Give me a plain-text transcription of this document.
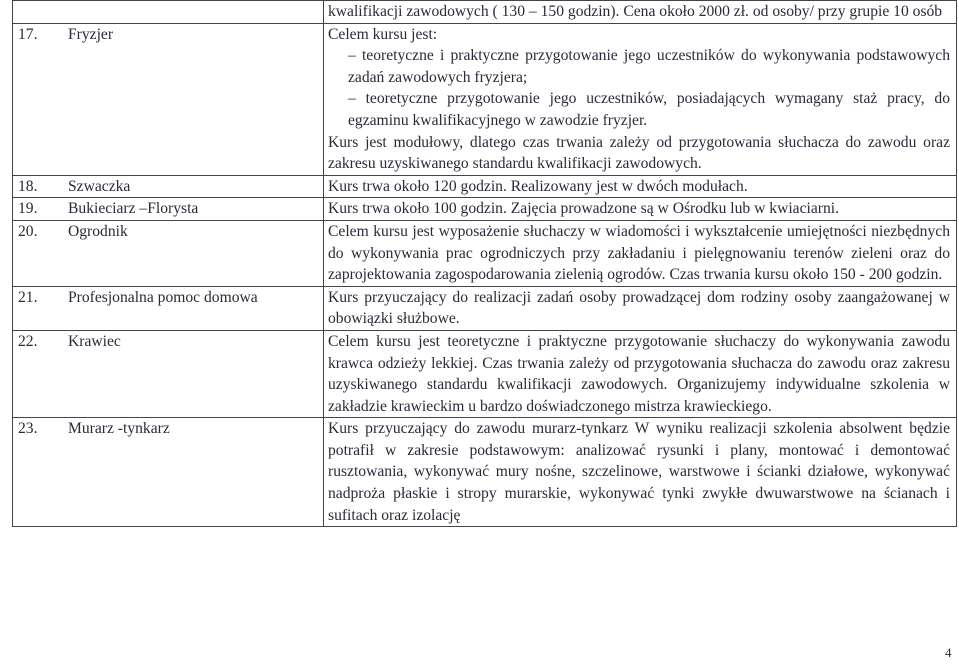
		kwalifikacji zawodowych ( 130 – 150 godzin). Cena około 2000 zł. od osoby/ przy grupie 10 osób
17.	Fryzjer	Celem kursu jest:
– teoretyczne i praktyczne przygotowanie jego uczestników do wykonywania podstawowych zadań zawodowych fryzjera;
– teoretyczne przygotowanie jego uczestników, posiadających wymagany staż pracy, do egzaminu kwalifikacyjnego w zawodzie fryzjer.
Kurs jest modułowy, dlatego czas trwania zależy od przygotowania słuchacza do zawodu oraz zakresu uzyskiwanego standardu kwalifikacji zawodowych.

18.	Szwaczka	Kurs trwa około 120 godzin. Realizowany jest w dwóch modułach.
19.	Bukieciarz –Florysta	Kurs trwa około 100 godzin. Zajęcia prowadzone są w Ośrodku lub w kwiaciarni.
20.	Ogrodnik	Celem kursu jest wyposażenie słuchaczy w wiadomości i wykształcenie umiejętności niezbędnych do wykonywania prac ogrodniczych przy zakładaniu i pielęgnowaniu terenów zieleni oraz do zaprojektowania zagospodarowania zielenią ogrodów. Czas trwania kursu około 150 - 200 godzin.
21.	Profesjonalna pomoc domowa	Kurs przyuczający do realizacji zadań osoby prowadzącej dom rodziny osoby zaangażowanej w obowiązki służbowe.
22.	Krawiec	Celem kursu jest teoretyczne i praktyczne przygotowanie słuchaczy do wykonywania zawodu krawca odzieży lekkiej. Czas trwania zależy od przygotowania słuchacza do zawodu oraz zakresu uzyskiwanego standardu kwalifikacji zawodowych. Organizujemy indywidualne szkolenia w zakładzie krawieckim u bardzo doświadczonego mistrza krawieckiego.
23.	Murarz -tynkarz	Kurs przyuczający do zawodu murarz-tynkarz W wyniku realizacji szkolenia absolwent będzie potrafił w zakresie podstawowym: analizować rysunki i plany, montować i demontować rusztowania, wykonywać mury nośne, szczelinowe, warstwowe i ścianki działowe, wykonywać nadproża płaskie i stropy murarskie, wykonywać tynki zwykłe dwuwarstwowe na ścianach i sufitach oraz izolację
4
